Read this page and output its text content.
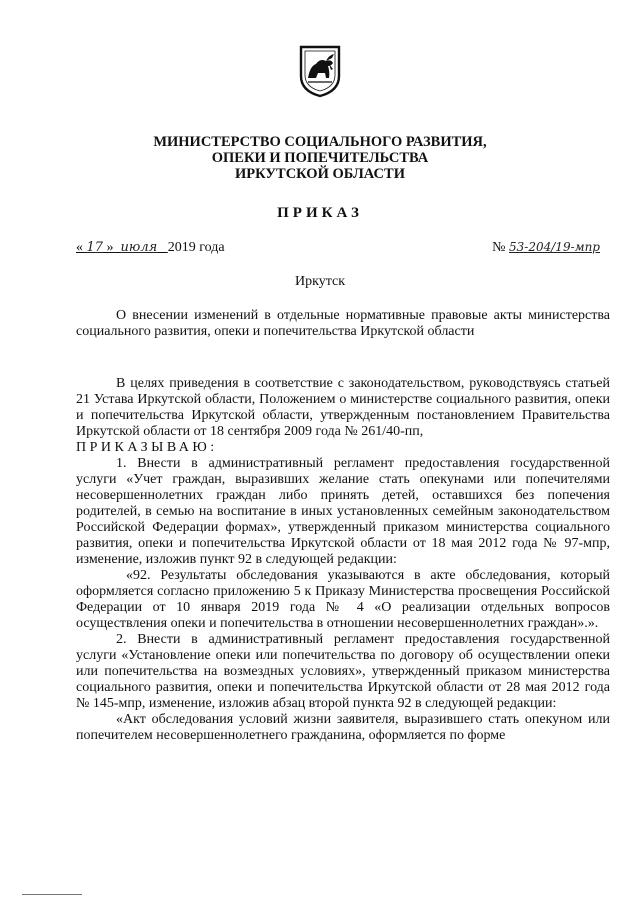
МИНИСТЕРСТВО СОЦИАЛЬНОГО РАЗВИТИЯ,
ОПЕКИ И ПОПЕЧИТЕЛЬСТВА
ИРКУТСКОЙ ОБЛАСТИ
ПРИКАЗ
« 17 » июля 2019 года	№ 53-204/19-мпр
Иркутск

О внесении изменений в отдельные нормативные правовые акты министерства социального развития, опеки и попечительства Иркутской области

В целях приведения в соответствие с законодательством, руководствуясь статьей 21 Устава Иркутской области, Положением о министерстве социального развития, опеки и попечительства Иркутской области, утвержденным постановлением Правительства Иркутской области от 18 сентября 2009 года № 261/40-пп,

ПРИКАЗЫВАЮ:

1. Внести в административный регламент предоставления государственной услуги «Учет граждан, выразивших желание стать опекунами или попечителями несовершеннолетних граждан либо принять детей, оставшихся без попечения родителей, в семью на воспитание в иных установленных семейным законодательством Российской Федерации формах», утвержденный приказом министерства социального развития, опеки и попечительства Иркутской области от 18 мая 2012 года № 97-мпр, изменение, изложив пункт 92 в следующей редакции:

«92. Результаты обследования указываются в акте обследования, который оформляется согласно приложению 5 к Приказу Министерства просвещения Российской Федерации от 10 января 2019 года № 4 «О реализации отдельных вопросов осуществления опеки и попечительства в отношении несовершеннолетних граждан».».

2. Внести в административный регламент предоставления государственной услуги «Установление опеки или попечительства по договору об осуществлении опеки или попечительства на возмездных условиях», утвержденный приказом министерства социального развития, опеки и попечительства Иркутской области от 28 мая 2012 года № 145-мпр, изменение, изложив абзац второй пункта 92 в следующей редакции:

«Акт обследования условий жизни заявителя, выразившего стать опекуном или попечителем несовершеннолетнего гражданина, оформляется по форме
